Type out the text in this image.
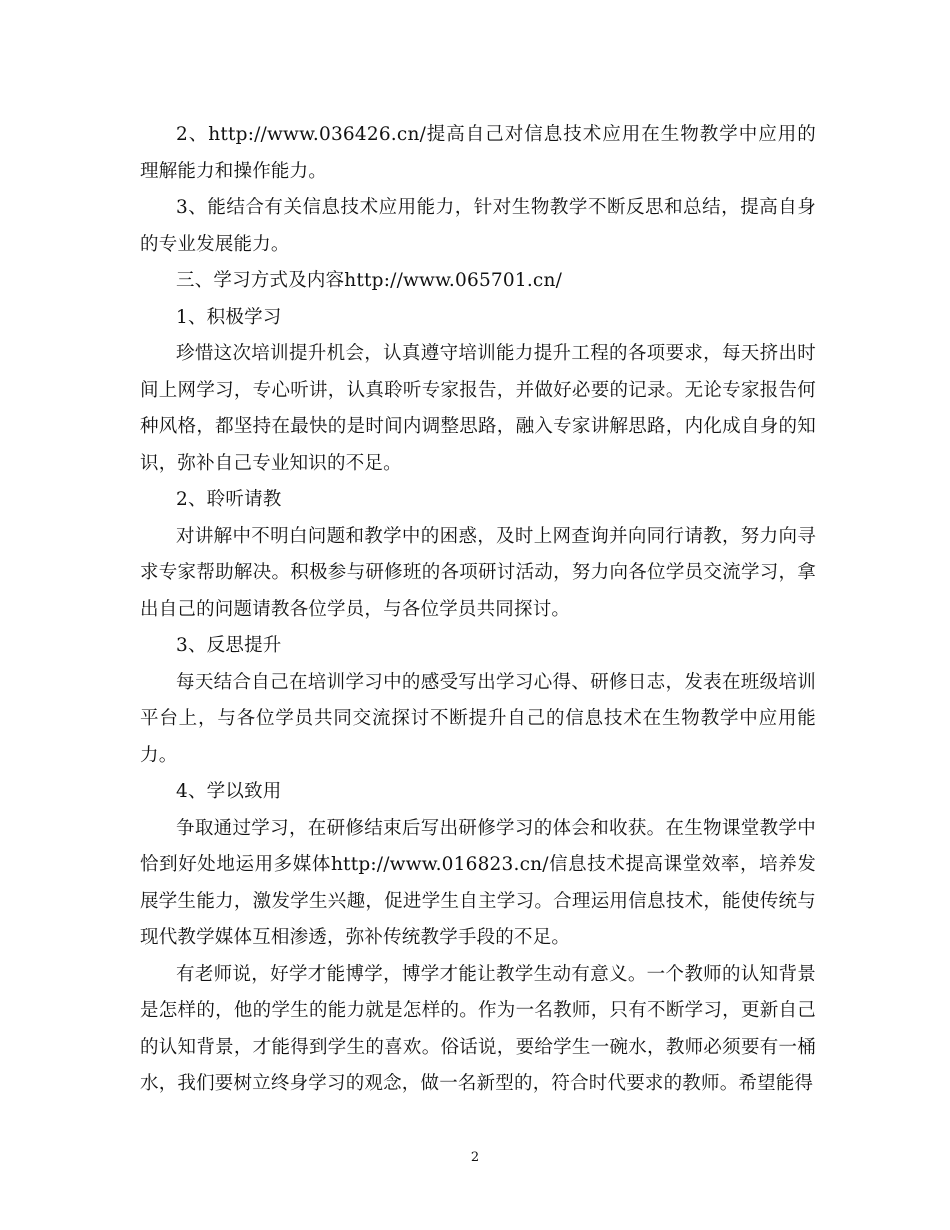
2、http://www.036426.cn/提高自己对信息技术应用在生物教学中应用的理解能力和操作能力。

3、能结合有关信息技术应用能力，针对生物教学不断反思和总结，提高自身的专业发展能力。

三、学习方式及内容http://www.065701.cn/

1、积极学习

珍惜这次培训提升机会，认真遵守培训能力提升工程的各项要求，每天挤出时间上网学习，专心听讲，认真聆听专家报告，并做好必要的记录。无论专家报告何种风格，都坚持在最快的是时间内调整思路，融入专家讲解思路，内化成自身的知识，弥补自己专业知识的不足。

2、聆听请教

对讲解中不明白问题和教学中的困惑，及时上网查询并向同行请教，努力向寻求专家帮助解决。积极参与研修班的各项研讨活动，努力向各位学员交流学习，拿出自己的问题请教各位学员，与各位学员共同探讨。

3、反思提升

每天结合自己在培训学习中的感受写出学习心得、研修日志，发表在班级培训平台上，与各位学员共同交流探讨不断提升自己的信息技术在生物教学中应用能力。

4、学以致用

争取通过学习，在研修结束后写出研修学习的体会和收获。在生物课堂教学中恰到好处地运用多媒体http://www.016823.cn/信息技术提高课堂效率，培养发展学生能力，激发学生兴趣，促进学生自主学习。合理运用信息技术，能使传统与现代教学媒体互相渗透，弥补传统教学手段的不足。

有老师说，好学才能博学，博学才能让教学生动有意义。一个教师的认知背景是怎样的，他的学生的能力就是怎样的。作为一名教师，只有不断学习，更新自己的认知背景，才能得到学生的喜欢。俗话说，要给学生一碗水，教师必须要有一桶水，我们要树立终身学习的观念，做一名新型的，符合时代要求的教师。希望能得

2
